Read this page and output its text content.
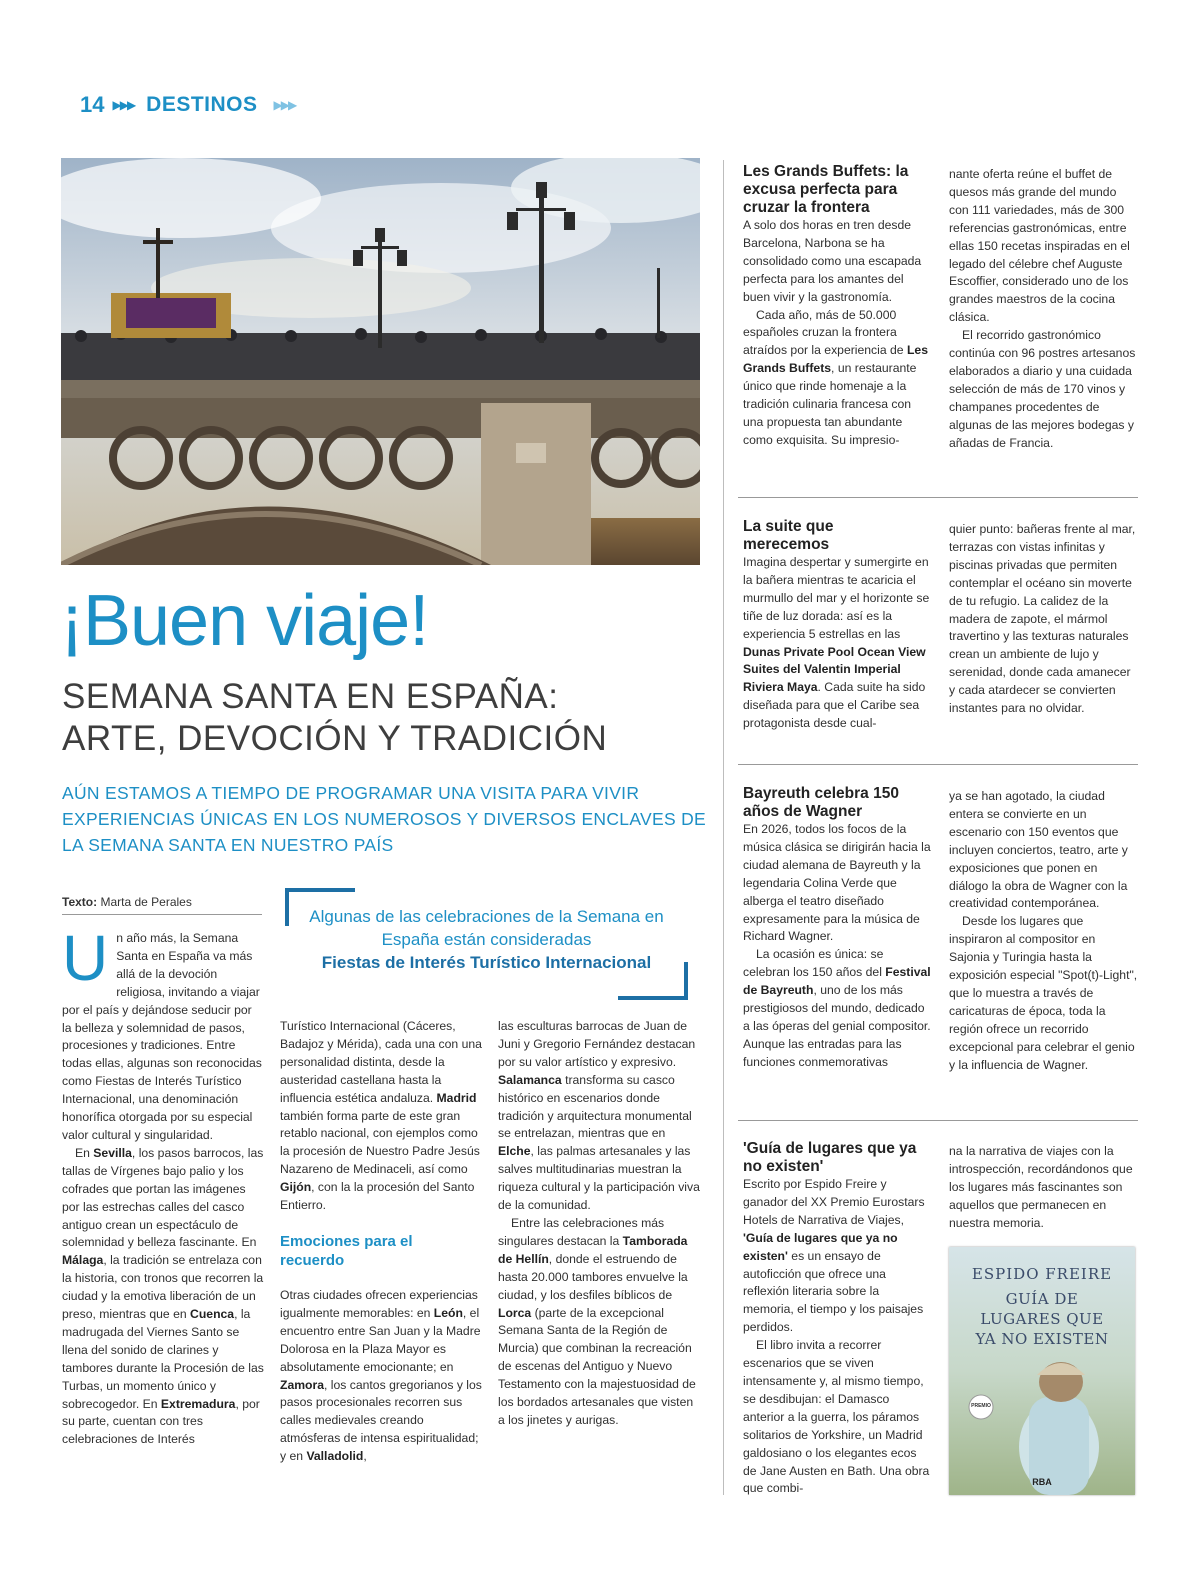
14 ▶▶▶ DESTINOS ▶▶▶
¡Buen viaje!
SEMANA SANTA EN ESPAÑA:
ARTE, DEVOCIÓN Y TRADICIÓN
AÚN ESTAMOS A TIEMPO DE PROGRAMAR UNA VISITA PARA VIVIR EXPERIENCIAS ÚNICAS EN LOS NUMEROSOS Y DIVERSOS ENCLAVES DE LA SEMANA SANTA EN NUESTRO PAÍS
Texto: Marta de Perales
Algunas de las celebraciones de la Semana en España están consideradas
Fiestas de Interés Turístico Internacional

Un año más, la Semana Santa en España va más allá de la devoción religiosa, invitando a viajar por el país y dejándose seducir por la belleza y solemnidad de pasos, procesiones y tradiciones. Entre todas ellas, algunas son reconocidas como Fiestas de Interés Turístico Internacional, una denominación honorífica otorgada por su especial valor cultural y singularidad.

En Sevilla, los pasos barrocos, las tallas de Vírgenes bajo palio y los cofrades que portan las imágenes por las estrechas calles del casco antiguo crean un espectáculo de solemnidad y belleza fascinante. En Málaga, la tradición se entrelaza con la historia, con tronos que recorren la ciudad y la emotiva liberación de un preso, mientras que en Cuenca, la madrugada del Viernes Santo se llena del sonido de clarines y tambores durante la Procesión de las Turbas, un momento único y sobrecogedor. En Extremadura, por su parte, cuentan con tres celebraciones de Interés

Turístico Internacional (Cáceres, Badajoz y Mérida), cada una con una personalidad distinta, desde la austeridad castellana hasta la influencia estética andaluza. Madrid también forma parte de este gran retablo nacional, con ejemplos como la procesión de Nuestro Padre Jesús Nazareno de Medinaceli, así como Gijón, con la la procesión del Santo Entierro.

Emociones para el recuerdo

Otras ciudades ofrecen experiencias igualmente memorables: en León, el encuentro entre San Juan y la Madre Dolorosa en la Plaza Mayor es absolutamente emocionante; en Zamora, los cantos gregorianos y los pasos procesionales recorren sus calles medievales creando atmósferas de intensa espiritualidad; y en Valladolid,

las esculturas barrocas de Juan de Juni y Gregorio Fernández destacan por su valor artístico y expresivo. Salamanca transforma su casco histórico en escenarios donde tradición y arquitectura monumental se entrelazan, mientras que en Elche, las palmas artesanales y las salves multitudinarias muestran la riqueza cultural y la participación viva de la comunidad.

Entre las celebraciones más singulares destacan la Tamborada de Hellín, donde el estruendo de hasta 20.000 tambores envuelve la ciudad, y los desfiles bíblicos de Lorca (parte de la excepcional Semana Santa de la Región de Murcia) que combinan la recreación de escenas del Antiguo y Nuevo Testamento con la majestuosidad de los bordados artesanales que visten a los jinetes y aurigas.

Les Grands Buffets: la excusa perfecta para cruzar la frontera

A solo dos horas en tren desde Barcelona, Narbona se ha consolidado como una escapada perfecta para los amantes del buen vivir y la gastronomía.

Cada año, más de 50.000 españoles cruzan la frontera atraídos por la experiencia de Les Grands Buffets, un restaurante único que rinde homenaje a la tradición culinaria francesa con una propuesta tan abundante como exquisita. Su impresio-

nante oferta reúne el buffet de quesos más grande del mundo con 111 variedades, más de 300 referencias gastronómicas, entre ellas 150 recetas inspiradas en el legado del célebre chef Auguste Escoffier, considerado uno de los grandes maestros de la cocina clásica.

El recorrido gastronómico continúa con 96 postres artesanos elaborados a diario y una cuidada selección de más de 170 vinos y champanes procedentes de algunas de las mejores bodegas y añadas de Francia.

La suite que merecemos

Imagina despertar y sumergirte en la bañera mientras te acaricia el murmullo del mar y el horizonte se tiñe de luz dorada: así es la experiencia 5 estrellas en las Dunas Private Pool Ocean View Suites del Valentin Imperial Riviera Maya. Cada suite ha sido diseñada para que el Caribe sea protagonista desde cual-

quier punto: bañeras frente al mar, terrazas con vistas infinitas y piscinas privadas que permiten contemplar el océano sin moverte de tu refugio. La calidez de la madera de zapote, el mármol travertino y las texturas naturales crean un ambiente de lujo y serenidad, donde cada amanecer y cada atardecer se convierten instantes para no olvidar.

Bayreuth celebra 150 años de Wagner

En 2026, todos los focos de la música clásica se dirigirán hacia la ciudad alemana de Bayreuth y la legendaria Colina Verde que alberga el teatro diseñado expresamente para la música de Richard Wagner.

La ocasión es única: se celebran los 150 años del Festival de Bayreuth, uno de los más prestigiosos del mundo, dedicado a las óperas del genial compositor. Aunque las entradas para las funciones conmemorativas

ya se han agotado, la ciudad entera se convierte en un escenario con 150 eventos que incluyen conciertos, teatro, arte y exposiciones que ponen en diálogo la obra de Wagner con la creatividad contemporánea.

Desde los lugares que inspiraron al compositor en Sajonia y Turingia hasta la exposición especial "Spot(t)-Light", que lo muestra a través de caricaturas de época, toda la región ofrece un recorrido excepcional para celebrar el genio y la influencia de Wagner.

'Guía de lugares que ya no existen'

Escrito por Espido Freire y ganador del XX Premio Eurostars Hotels de Narrativa de Viajes, 'Guía de lugares que ya no existen' es un ensayo de autoficción que ofrece una reflexión literaria sobre la memoria, el tiempo y los paisajes perdidos.

El libro invita a recorrer escenarios que se viven intensamente y, al mismo tiempo, se desdibujan: el Damasco anterior a la guerra, los páramos solitarios de Yorkshire, un Madrid galdosiano o los elegantes ecos de Jane Austen en Bath. Una obra que combi-

na la narrativa de viajes con la introspección, recordándonos que los lugares más fascinantes son aquellos que permanecen en nuestra memoria.

ESPIDO FREIRE
GUÍA DE
LUGARES QUE
YA NO EXISTEN
PREMIO
RBA
